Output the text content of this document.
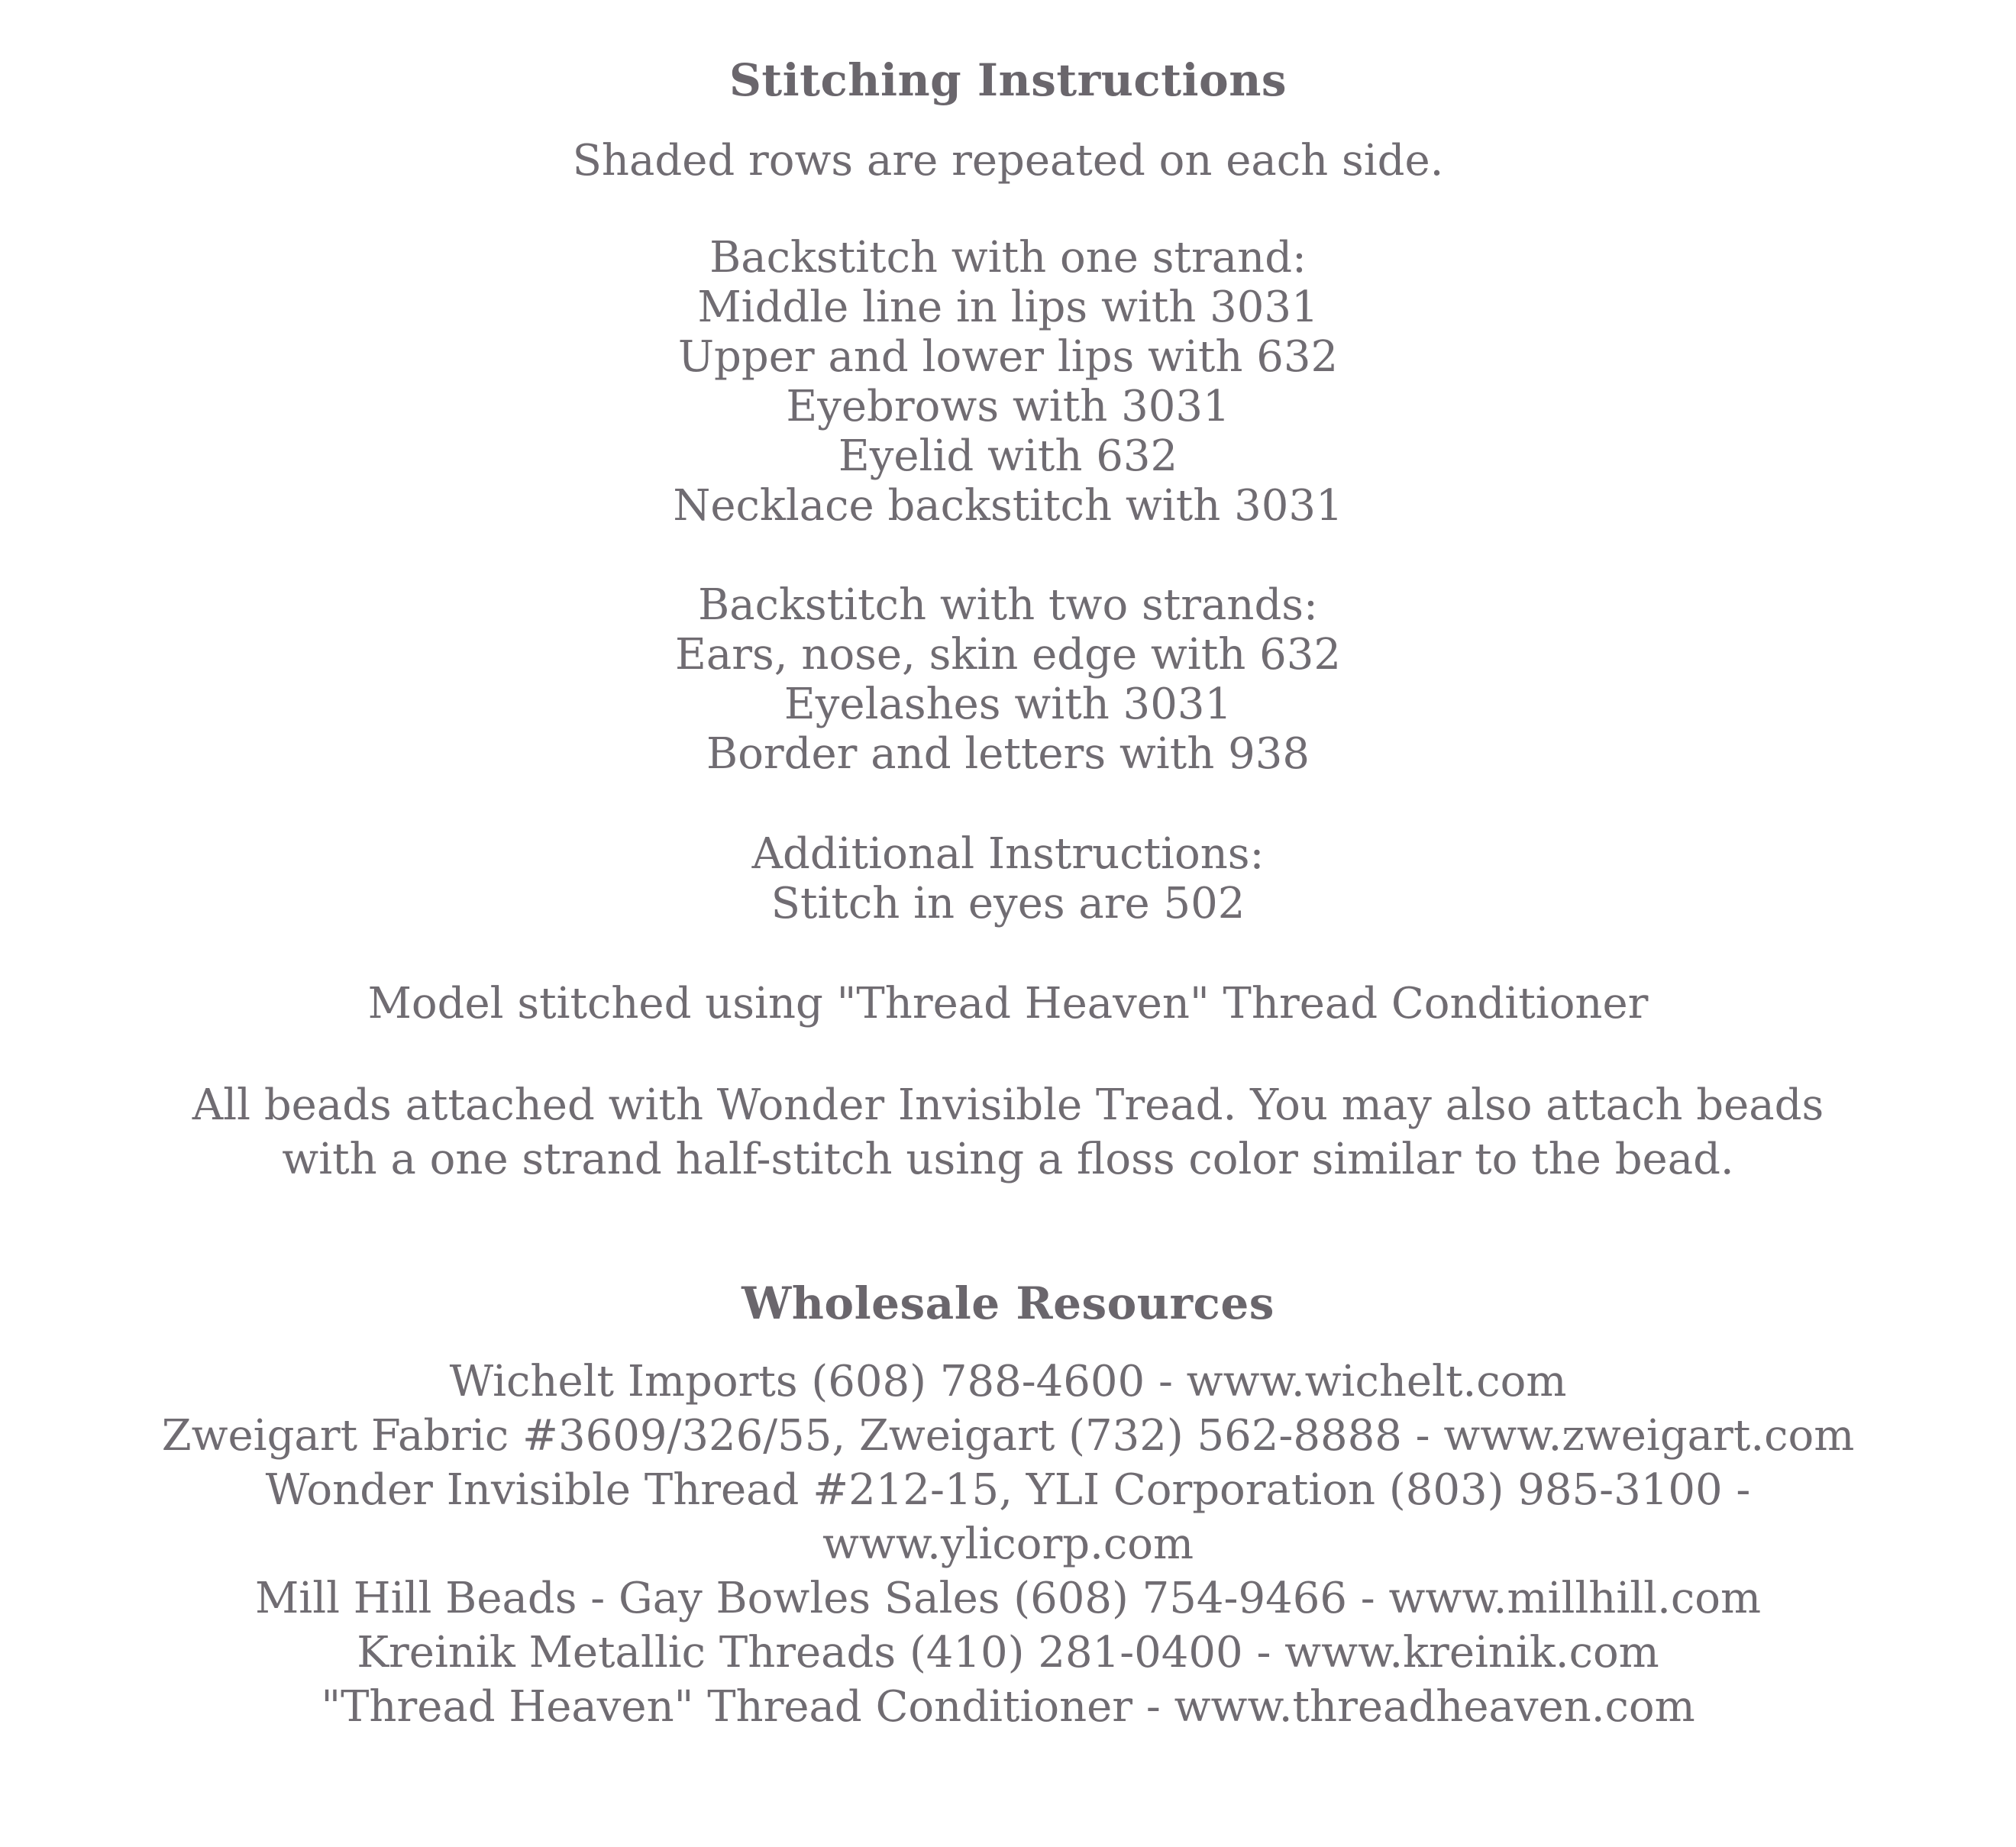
Stitching Instructions

Shaded rows are repeated on each side.

Backstitch with one strand:
Middle line in lips with 3031
Upper and lower lips with 632
Eyebrows with 3031
Eyelid with 632
Necklace backstitch with 3031
Backstitch with two strands:
Ears, nose, skin edge with 632
Eyelashes with 3031
Border and letters with 938
Additional Instructions:
Stitch in eyes are 502

Model stitched using "Thread Heaven" Thread Conditioner

All beads attached with Wonder Invisible Tread. You may also attach beads
with a one strand half-stitch using a floss color similar to the bead.
Wholesale Resources
Wichelt Imports (608) 788-4600 - www.wichelt.com
Zweigart Fabric #3609/326/55, Zweigart (732) 562-8888 - www.zweigart.com
Wonder Invisible Thread #212-15, YLI Corporation (803) 985-3100 -
www.ylicorp.com
Mill Hill Beads - Gay Bowles Sales (608) 754-9466 - www.millhill.com
Kreinik Metallic Threads (410) 281-0400 - www.kreinik.com
"Thread Heaven" Thread Conditioner - www.threadheaven.com
